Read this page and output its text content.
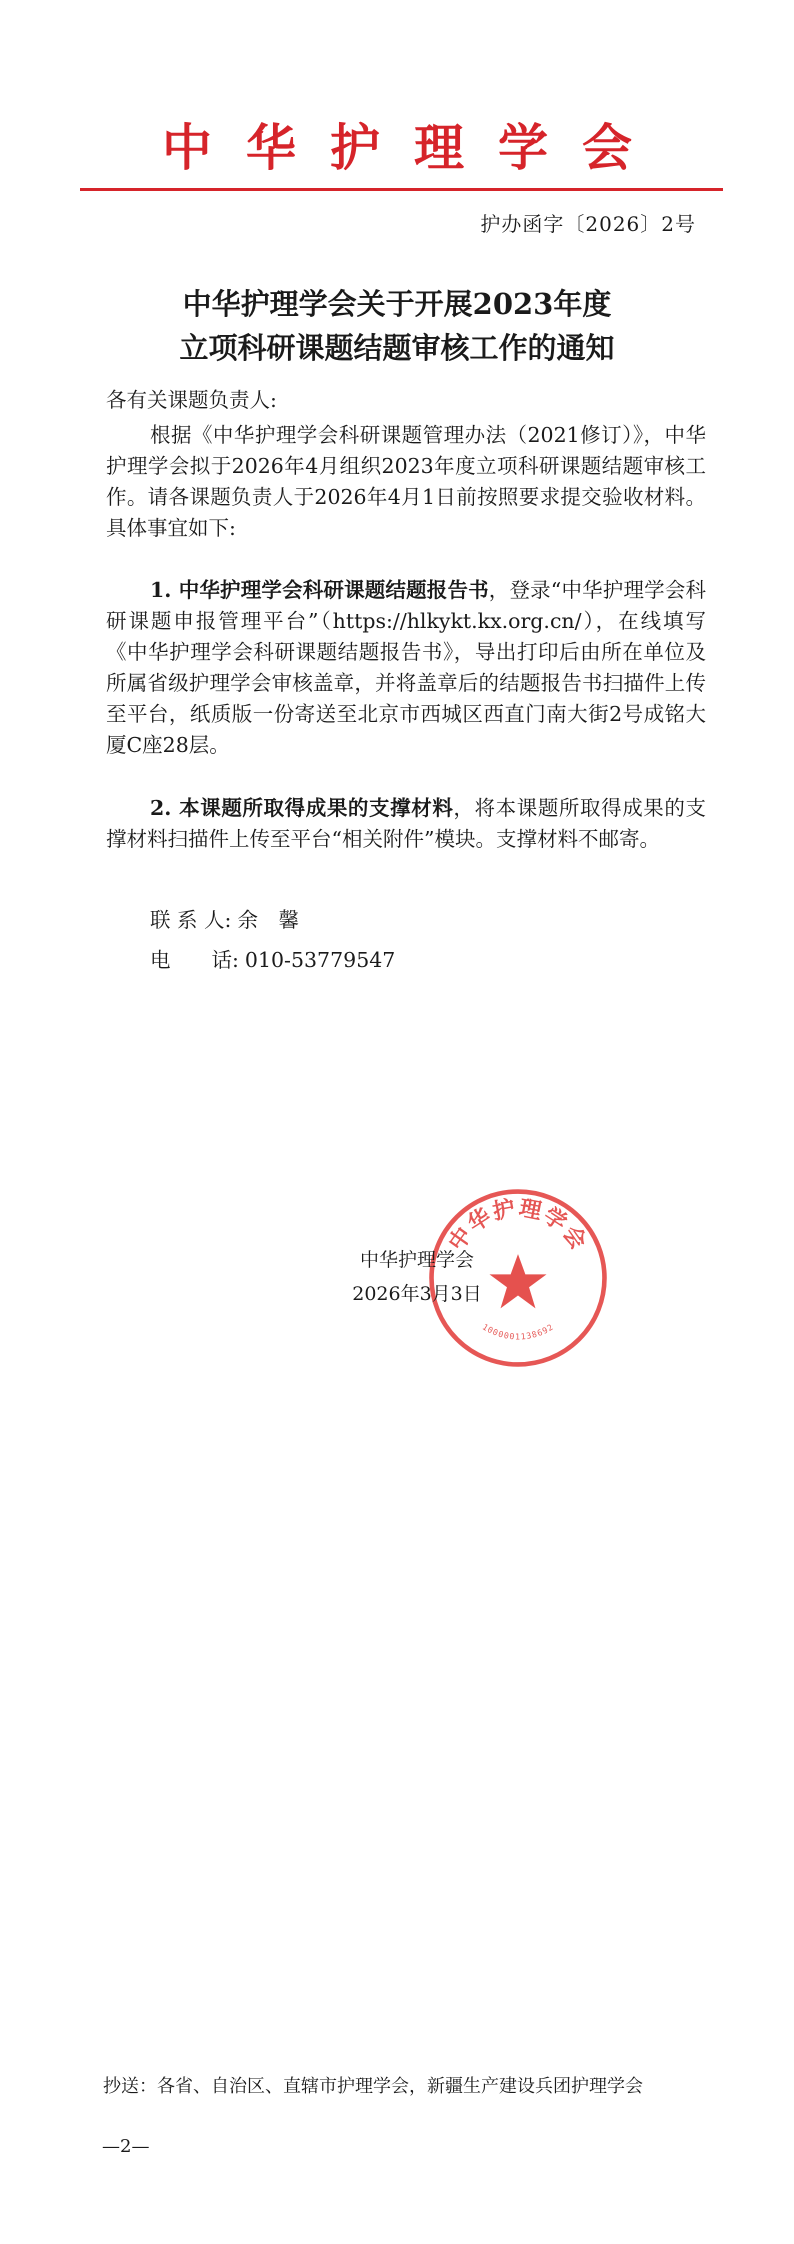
中华护理学会
护办函字〔2026〕2号
中华护理学会关于开展2023年度
立项科研课题结题审核工作的通知
各有关课题负责人:
根据《中华护理学会科研课题管理办法（2021修订）》，中华护理学会拟于2026年4月组织2023年度立项科研课题结题审核工作。请各课题负责人于2026年4月1日前按照要求提交验收材料。具体事宜如下:
1. 中华护理学会科研课题结题报告书，登录“中华护理学会科研课题申报管理平台”（https://hlkykt.kx.org.cn/），在线填写《中华护理学会科研课题结题报告书》，导出打印后由所在单位及所属省级护理学会审核盖章，并将盖章后的结题报告书扫描件上传至平台，纸质版一份寄送至北京市西城区西直门南大街2号成铭大厦C座28层。
2. 本课题所取得成果的支撑材料，将本课题所取得成果的支撑材料扫描件上传至平台“相关附件”模块。支撑材料不邮寄。
联 系 人: 余　馨
电　　话: 010-53779547
中华护理学会
1000001138692
中华护理学会
2026年3月3日
抄送：各省、自治区、直辖市护理学会，新疆生产建设兵团护理学会
—2—
